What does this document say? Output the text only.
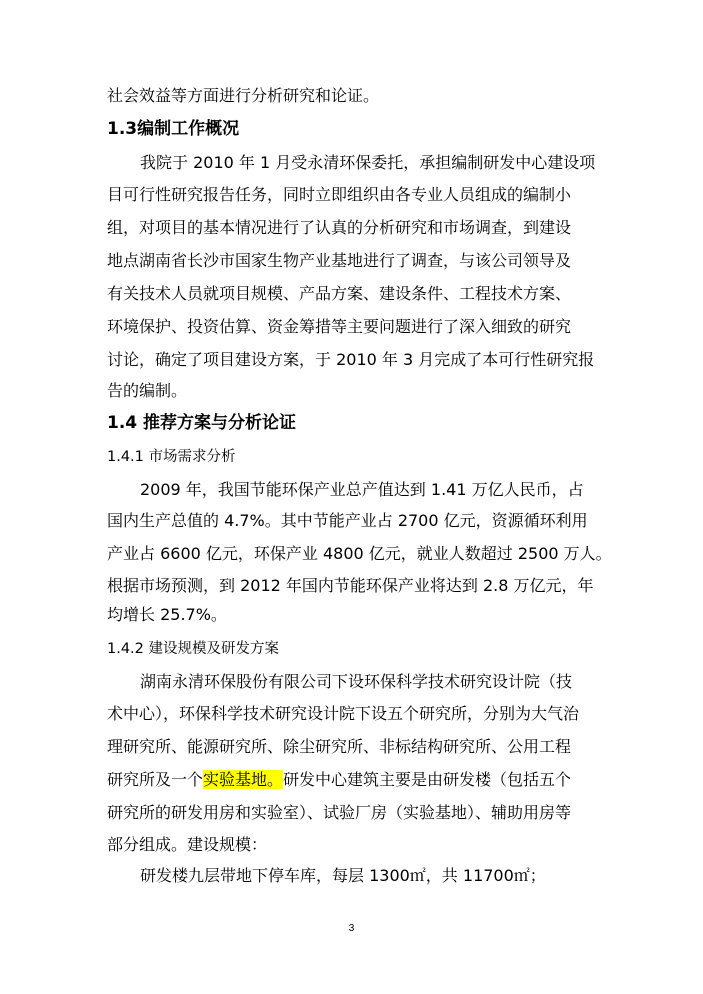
社会效益等方面进行分析研究和论证。
1.3编制工作概况
我院于 2010 年 1 月受永清环保委托，承担编制研发中心建设项
目可行性研究报告任务，同时立即组织由各专业人员组成的编制小
组，对项目的基本情况进行了认真的分析研究和市场调查，到建设
地点湖南省长沙市国家生物产业基地进行了调查，与该公司领导及
有关技术人员就项目规模、产品方案、建设条件、工程技术方案、
环境保护、投资估算、资金筹措等主要问题进行了深入细致的研究
讨论，确定了项目建设方案，于 2010 年 3 月完成了本可行性研究报
告的编制。
1.4 推荐方案与分析论证
1.4.1 市场需求分析
2009 年，我国节能环保产业总产值达到 1.41 万亿人民币，占
国内生产总值的 4.7%。其中节能产业占 2700 亿元，资源循环利用
产业占 6600 亿元，环保产业 4800 亿元，就业人数超过 2500 万人。
根据市场预测，到 2012 年国内节能环保产业将达到 2.8 万亿元，年
均增长 25.7%。
1.4.2 建设规模及研发方案
湖南永清环保股份有限公司下设环保科学技术研究设计院（技
术中心），环保科学技术研究设计院下设五个研究所，分别为大气治
理研究所、能源研究所、除尘研究所、非标结构研究所、公用工程
研究所及一个实验基地。研发中心建筑主要是由研发楼（包括五个
研究所的研发用房和实验室）、试验厂房（实验基地）、辅助用房等
部分组成。建设规模：
研发楼九层带地下停车库，每层 1300㎡，共 11700㎡；
3
